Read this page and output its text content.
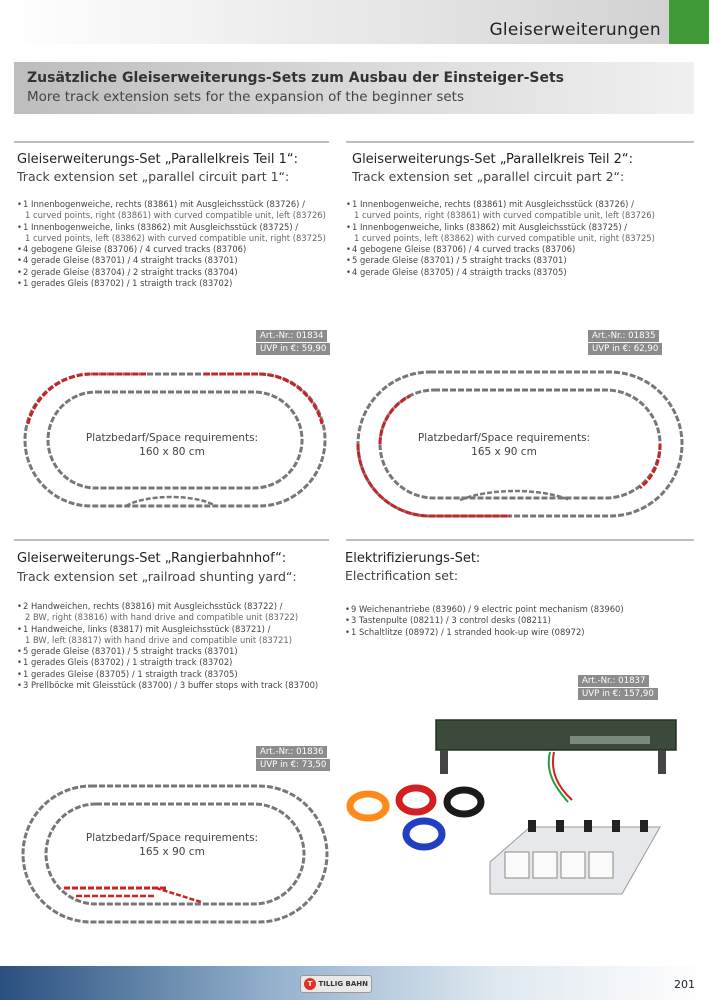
Gleiserweiterungen
Zusätzliche Gleiserweiterungs-Sets zum Ausbau der Einsteiger-Sets
More track extension sets for the expansion of the beginner sets
Gleiserweiterungs-Set „Parallelkreis Teil 1“:
Track extension set „parallel circuit part 1“:
• 1 Innenbogenweiche, rechts (83861) mit Ausgleichsstück (83726) /
1 curved points, right (83861) with curved compatible unit, left (83726)
• 1 Innenbogenweiche, links (83862) mit Ausgleichsstück (83725) /
1 curved points, left (83862) with curved compatible unit, right (83725)
• 4 gebogene Gleise (83706) / 4 curved tracks (83706)
• 4 gerade Gleise (83701) / 4 straight tracks (83701)
• 2 gerade Gleise (83704) / 2 straight tracks (83704)
• 1 gerades Gleis (83702) / 1 straigth track (83702)
Art.-Nr.: 01834
UVP in €: 59,90
Platzbedarf/Space requirements:
160 x 80 cm
Gleiserweiterungs-Set „Parallelkreis Teil 2“:
Track extension set „parallel circuit part 2“:
• 1 Innenbogenweiche, rechts (83861) mit Ausgleichsstück (83726) /
1 curved points, right (83861) with curved compatible unit, left (83726)
• 1 Innenbogenweiche, links (83862) mit Ausgleichsstück (83725) /
1 curved points, left (83862) with curved compatible unit, right (83725)
• 4 gebogene Gleise (83706) / 4 curved tracks (83706)
• 5 gerade Gleise (83701) / 5 straight tracks (83701)
• 4 gerade Gleise (83705) / 4 straigth tracks (83705)
Art.-Nr.: 01835
UVP in €: 62,90
Platzbedarf/Space requirements:
165 x 90 cm
Gleiserweiterungs-Set „Rangierbahnhof“:
Track extension set „railroad shunting yard“:
• 2 Handweichen, rechts (83816) mit Ausgleichsstück (83722) /
2 BW, right (83816) with hand drive and compatible unit (83722)
• 1 Handweiche, links (83817) mit Ausgleichsstück (83721) /
1 BW, left (83817) with hand drive and compatible unit (83721)
• 5 gerade Gleise (83701) / 5 straight tracks (83701)
• 1 gerades Gleis (83702) / 1 straigth track (83702)
• 1 gerades Gleise (83705) / 1 straigth track (83705)
• 3 Prellböcke mit Gleisstück (83700) / 3 buffer stops with track (83700)
Art.-Nr.: 01836
UVP in €: 73,50
Platzbedarf/Space requirements:
165 x 90 cm
Elektrifizierungs-Set:
Electrification set:
• 9 Weichenantriebe (83960) / 9 electric point mechanism (83960)
• 3 Tastenpulte (08211) / 3 control desks (08211)
• 1 Schaltlitze (08972) / 1 stranded hook-up wire (08972)
Art.-Nr.: 01837
UVP in €: 157,90
T TILLIG BAHN	201
